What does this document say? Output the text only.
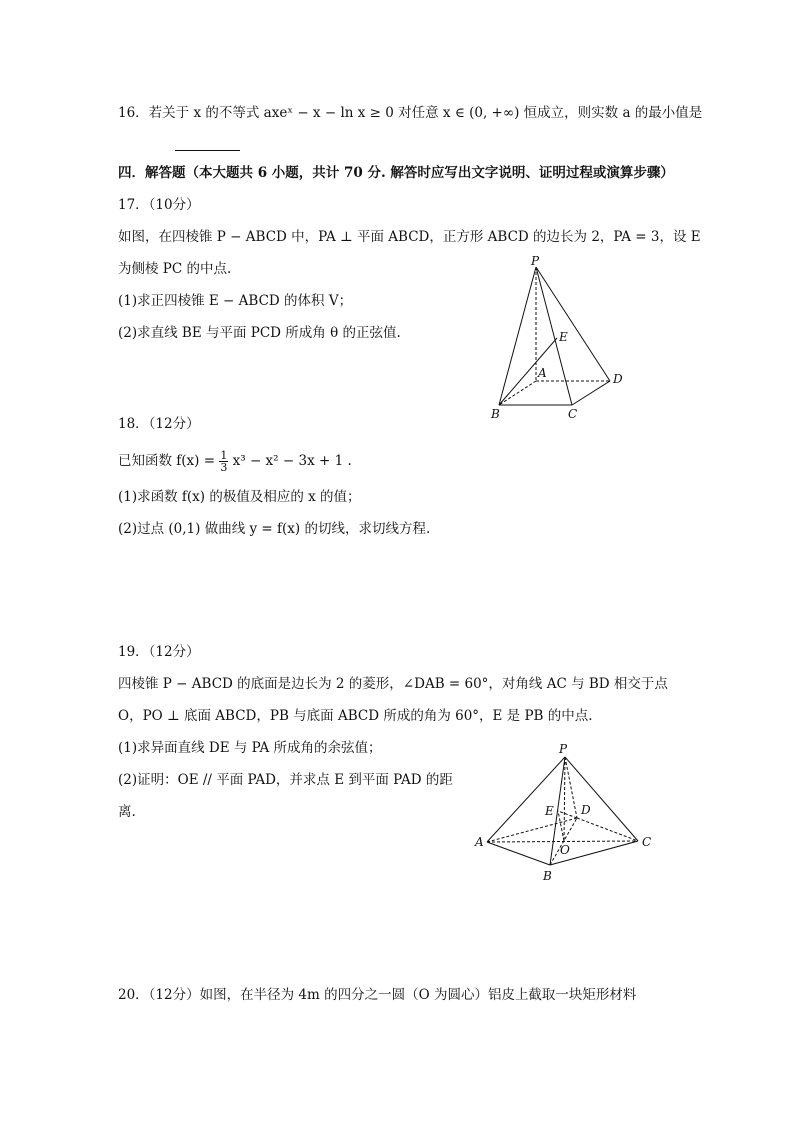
16．若关于 x 的不等式 axeˣ − x − ln x ≥ 0 对任意 x ∈ (0, +∞) 恒成立，则实数 a 的最小值是
四．解答题（本大题共 6 小题，共计 70 分. 解答时应写出文字说明、证明过程或演算步骤）
17．（10分）
如图，在四棱锥 P − ABCD 中，PA ⊥ 平面 ABCD，正方形 ABCD 的边长为 2，PA = 3，设 E
为侧棱 PC 的中点.
(1)求正四棱锥 E − ABCD 的体积 V；
(2)求直线 BE 与平面 PCD 所成角 θ 的正弦值.
P
E
A	D
B	C
18．（12分）
已知函数 $f(x) = \frac{1}{3} x^3 - x^2 - 3x + 1$ .
(1)求函数 f(x) 的极值及相应的 x 的值；
(2)过点 (0,1) 做曲线 y = f(x) 的切线，求切线方程.
19．（12分）
四棱锥 P − ABCD 的底面是边长为 2 的菱形，∠DAB = 60°，对角线 AC 与 BD 相交于点
O，PO ⊥ 底面 ABCD，PB 与底面 ABCD 所成的角为 60°，E 是 PB 的中点.
(1)求异面直线 DE 与 PA 所成角的余弦值；
(2)证明：OE // 平面 PAD，并求点 E 到平面 PAD 的距
离.
P
E D
A
O
C
B
20．（12分）如图，在半径为 4m 的四分之一圆（O 为圆心）铝皮上截取一块矩形材料
